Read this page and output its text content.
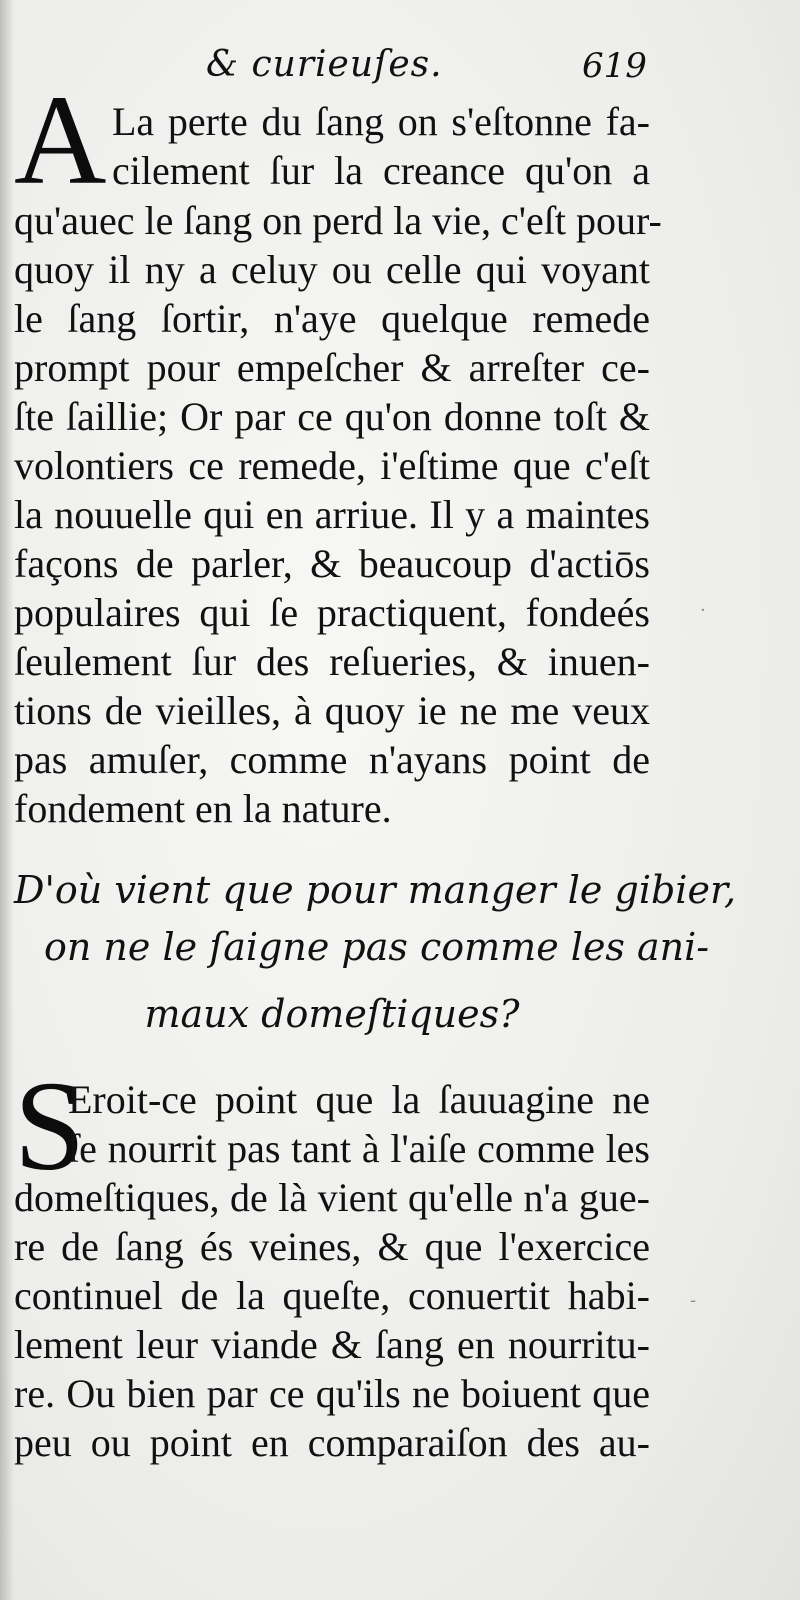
& curieuſes.	619
A La perte du ſang on s'eſtonne fa-
cilement ſur la creance qu'on a
qu'auec le ſang on perd la vie, c'eſt pour-
quoy il ny a celuy ou celle qui voyant
le ſang ſortir, n'aye quelque remede
prompt pour empeſcher & arreſter ce-
ſte ſaillie; Or par ce qu'on donne toſt &
volontiers ce remede, i'eſtime que c'eſt
la nouuelle qui en arriue. Il y a maintes
façons de parler, & beaucoup d'actiōs
populaires qui ſe practiquent, fondeés
ſeulement ſur des reſueries, & inuen-
tions de vieilles, à quoy ie ne me veux
pas amuſer, comme n'ayans point de
fondement en la nature.
D'où vient que pour manger le gibier,
on ne le ſaigne pas comme les ani-
maux domeſtiques?
S
Eroit-ce point que la ſauuagine ne
ſe nourrit pas tant à l'aiſe comme les
domeſtiques, de là vient qu'elle n'a gue-
re de ſang és veines, & que l'exercice
continuel de la queſte, conuertit habi-
lement leur viande & ſang en nourritu-
re. Ou bien par ce qu'ils ne boiuent que
peu ou point en comparaiſon des au-
-
·
